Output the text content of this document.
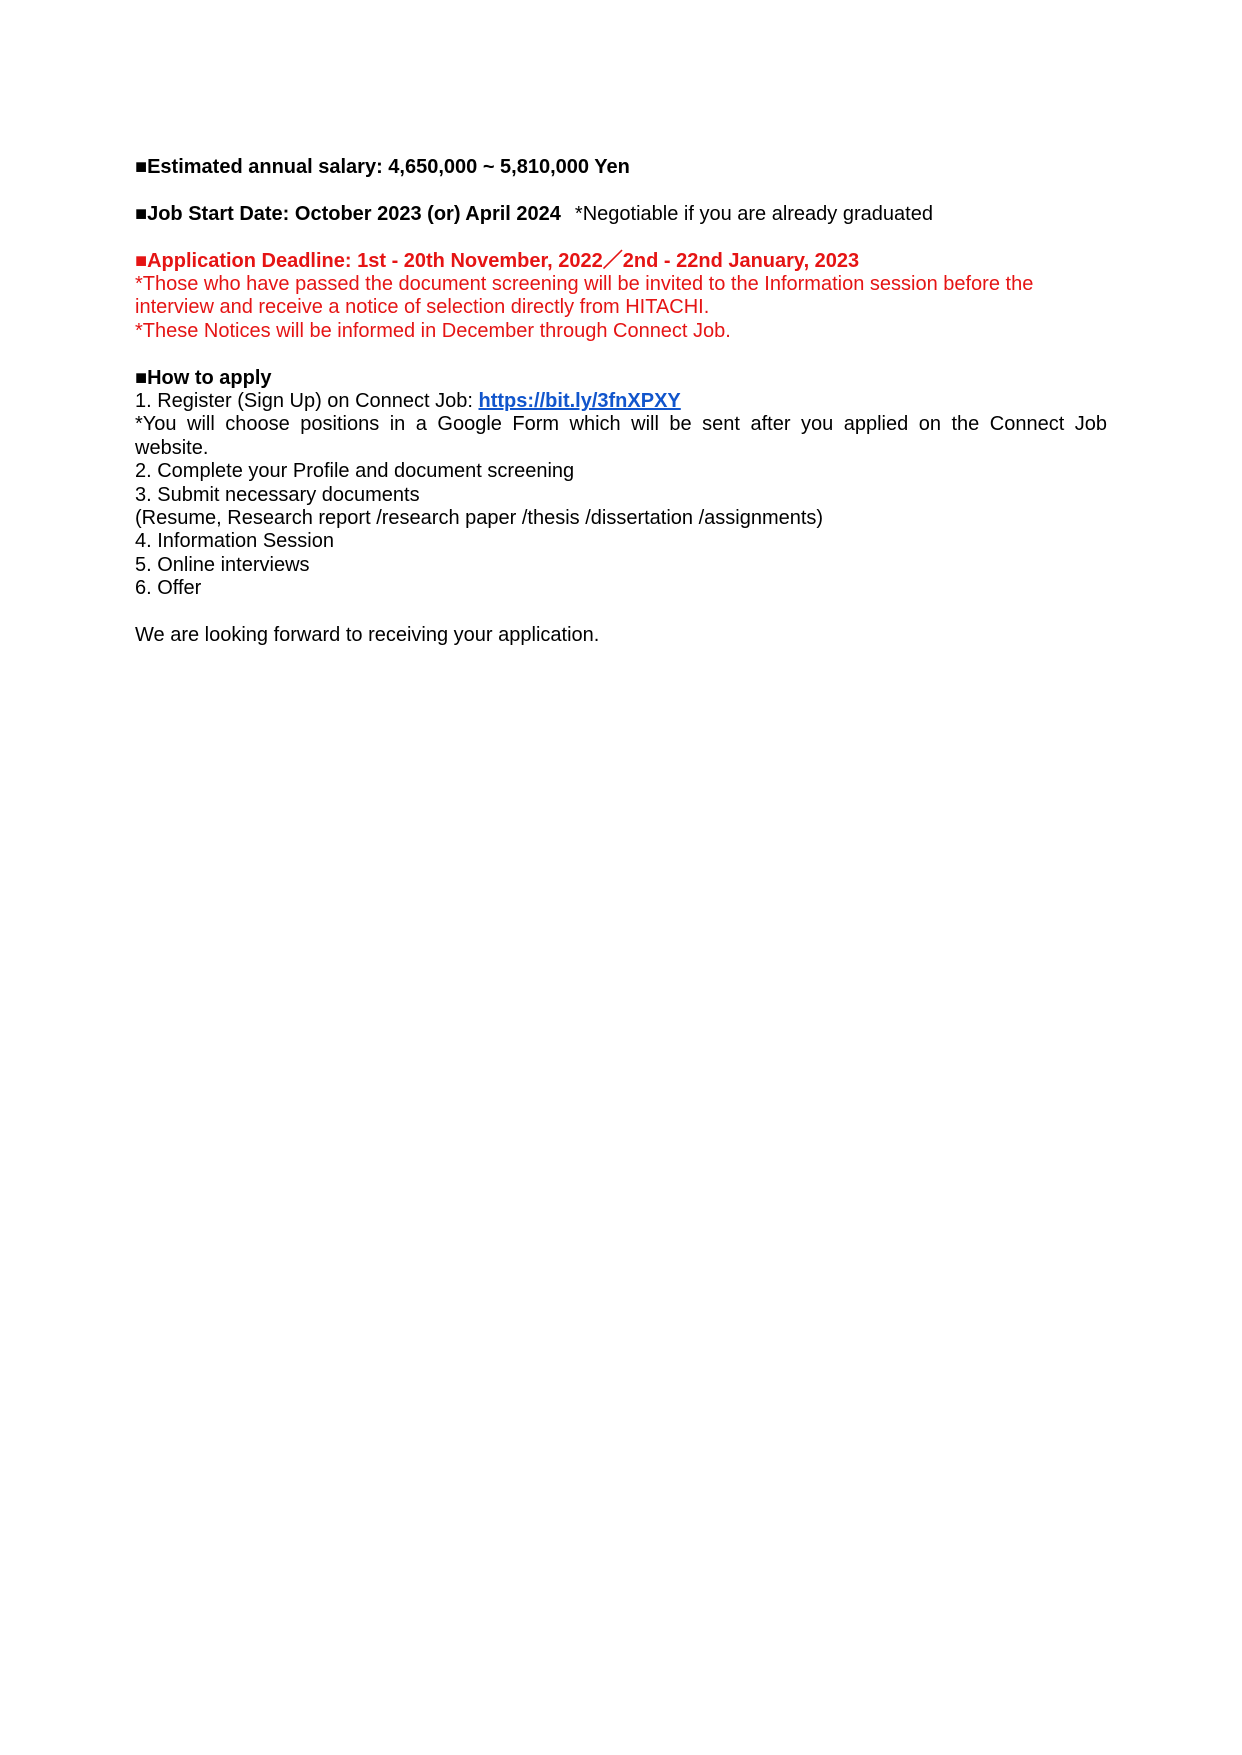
■Estimated annual salary: 4,650,000 ~ 5,810,000 Yen
■Job Start Date: October 2023 (or) April 2024 *Negotiable if you are already graduated
■Application Deadline: 1st - 20th November, 2022／2nd - 22nd January, 2023
*Those who have passed the document screening will be invited to the Information session before the
interview and receive a notice of selection directly from HITACHI.
*These Notices will be informed in December through Connect Job.
■How to apply
1. Register (Sign Up) on Connect Job: https://bit.ly/3fnXPXY
*You will choose positions in a Google Form which will be sent after you applied on the Connect Job
website.
2. Complete your Profile and document screening
3. Submit necessary documents
(Resume, Research report /research paper /thesis /dissertation /assignments)
4. Information Session
5. Online interviews
6. Offer
We are looking forward to receiving your application.
